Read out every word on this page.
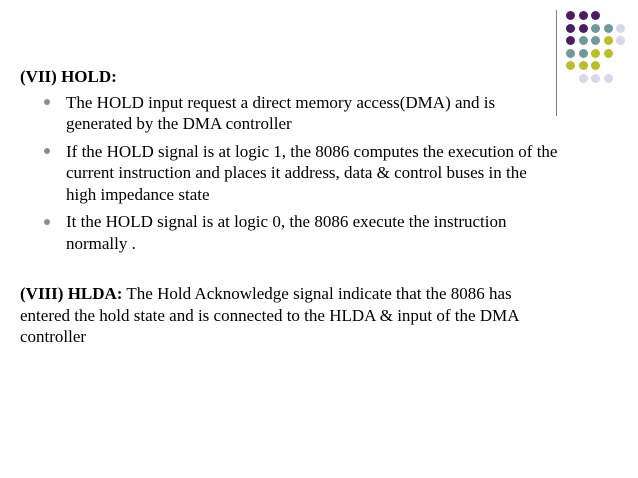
(VII) HOLD:
The HOLD input request a direct memory access(DMA) and is generated by the DMA controller
If the HOLD signal is at logic 1, the 8086 computes the execution of the current instruction and places it address, data & control buses in the high impedance state
It the HOLD signal is at logic 0, the 8086 execute the instruction normally .
(VIII) HLDA: The Hold Acknowledge signal indicate that the 8086 has entered the hold state and is connected to the HLDA & input of the DMA controller
